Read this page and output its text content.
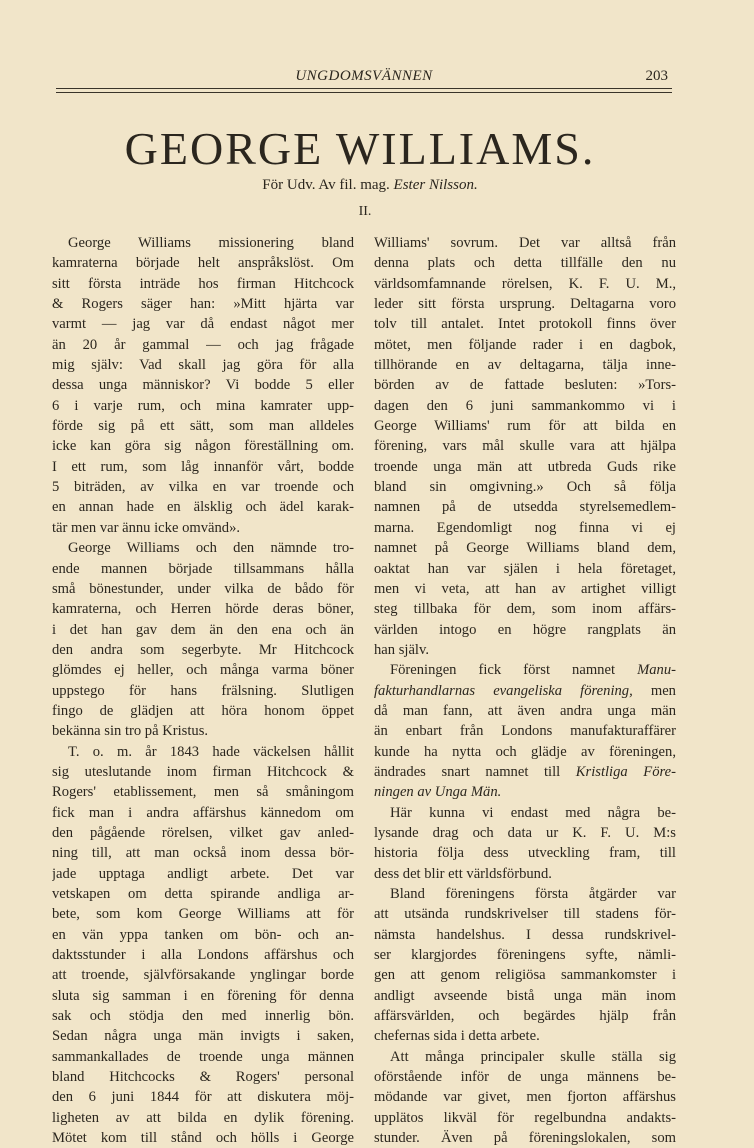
UNGDOMSVÄNNEN	203
GEORGE WILLIAMS.
För Udv. Av fil. mag. Ester Nilsson.
II.
George Williams missionering bland
kamraterna började helt anspråkslöst. Om
sitt första inträde hos firman Hitchcock
& Rogers säger han: »Mitt hjärta var
varmt — jag var då endast något mer
än 20 år gammal — och jag frågade
mig själv: Vad skall jag göra för alla
dessa unga människor? Vi bodde 5 eller
6 i varje rum, och mina kamrater upp-
förde sig på ett sätt, som man alldeles
icke kan göra sig någon föreställning om.
I ett rum, som låg innanför vårt, bodde
5 biträden, av vilka en var troende och
en annan hade en älsklig och ädel karak-
tär men var ännu icke omvänd».
George Williams och den nämnde tro-
ende mannen började tillsammans hålla
små bönestunder, under vilka de bådo för
kamraterna, och Herren hörde deras böner,
i det han gav dem än den ena och än
den andra som segerbyte. Mr Hitchcock
glömdes ej heller, och många varma böner
uppstego för hans frälsning. Slutligen
fingo de glädjen att höra honom öppet
bekänna sin tro på Kristus.
T. o. m. år 1843 hade väckelsen hållit
sig uteslutande inom firman Hitchcock &
Rogers' etablissement, men så småningom
fick man i andra affärshus kännedom om
den pågående rörelsen, vilket gav anled-
ning till, att man också inom dessa bör-
jade upptaga andligt arbete. Det var
vetskapen om detta spirande andliga ar-
bete, som kom George Williams att för
en vän yppa tanken om bön- och an-
daktsstunder i alla Londons affärshus och
att troende, självförsakande ynglingar borde
sluta sig samman i en förening för denna
sak och stödja den med innerlig bön.
Sedan några unga män invigts i saken,
sammankallades de troende unga männen
bland Hitchcocks & Rogers' personal
den 6 juni 1844 för att diskutera möj-
ligheten av att bilda en dylik förening.
Mötet kom till stånd och hölls i George
Williams' sovrum. Det var alltså från
denna plats och detta tillfälle den nu
världsomfamnande rörelsen, K. F. U. M.,
leder sitt första ursprung. Deltagarna voro
tolv till antalet. Intet protokoll finns över
mötet, men följande rader i en dagbok,
tillhörande en av deltagarna, tälja inne-
börden av de fattade besluten: »Tors-
dagen den 6 juni sammankommo vi i
George Williams' rum för att bilda en
förening, vars mål skulle vara att hjälpa
troende unga män att utbreda Guds rike
bland sin omgivning.» Och så följa
namnen på de utsedda styrelsemedlem-
marna. Egendomligt nog finna vi ej
namnet på George Williams bland dem,
oaktat han var själen i hela företaget,
men vi veta, att han av artighet villigt
steg tillbaka för dem, som inom affärs-
världen intogo en högre rangplats än
han själv.
Föreningen fick först namnet Manu-
fakturhandlarnas evangeliska förening, men
då man fann, att även andra unga män
än enbart från Londons manufakturaffärer
kunde ha nytta och glädje av föreningen,
ändrades snart namnet till Kristliga Före-
ningen av Unga Män.
Här kunna vi endast med några be-
lysande drag och data ur K. F. U. M:s
historia följa dess utveckling fram, till
dess det blir ett världsförbund.
Bland föreningens första åtgärder var
att utsända rundskrivelser till stadens för-
nämsta handelshus. I dessa rundskrivel-
ser klargjordes föreningens syfte, nämli-
gen att genom religiösa sammankomster i
andligt avseende bistå unga män inom
affärsvärlden, och begärdes hjälp från
chefernas sida i detta arbete.
Att många principaler skulle ställa sig
oförstående inför de unga männens be-
mödande var givet, men fjorton affärshus
upplätos likväl för regelbundna andakts-
stunder. Även på föreningslokalen, som
